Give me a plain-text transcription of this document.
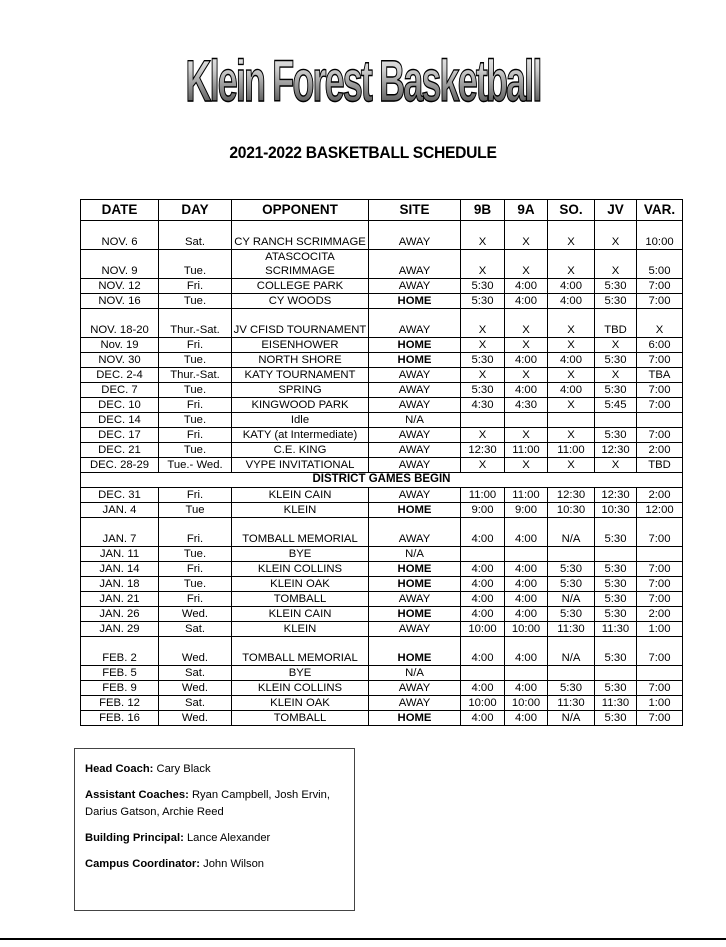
Klein Forest Basketball
2021-2022 BASKETBALL SCHEDULE
DATE	DAY	OPPONENT	SITE	9B	9A	SO.	JV	VAR.
NOV. 6	Sat.	CY RANCH SCRIMMAGE	AWAY	X	X	X	X	10:00
NOV. 9	Tue.	ATASCOCITA SCRIMMAGE	AWAY	X	X	X	X	5:00
NOV. 12	Fri.	COLLEGE PARK	AWAY	5:30	4:00	4:00	5:30	7:00
NOV. 16	Tue.	CY WOODS	HOME	5:30	4:00	4:00	5:30	7:00
NOV. 18-20	Thur.-Sat.	JV CFISD TOURNAMENT	AWAY	X	X	X	TBD	X
Nov. 19	Fri.	EISENHOWER	HOME	X	X	X	X	6:00
NOV. 30	Tue.	NORTH SHORE	HOME	5:30	4:00	4:00	5:30	7:00
DEC. 2-4	Thur.-Sat.	KATY TOURNAMENT	AWAY	X	X	X	X	TBA
DEC. 7	Tue.	SPRING	AWAY	5:30	4:00	4:00	5:30	7:00
DEC. 10	Fri.	KINGWOOD PARK	AWAY	4:30	4:30	X	5:45	7:00
DEC. 14	Tue.	Idle	N/A					
DEC. 17	Fri.	KATY (at Intermediate)	AWAY	X	X	X	5:30	7:00
DEC. 21	Tue.	C.E. KING	AWAY	12:30	11:00	11:00	12:30	2:00
DEC. 28-29	Tue.- Wed.	VYPE INVITATIONAL	AWAY	X	X	X	X	TBD
DISTRICT GAMES BEGIN								
DEC. 31	Fri.	KLEIN CAIN	AWAY	11:00	11:00	12:30	12:30	2:00
JAN. 4	Tue	KLEIN	HOME	9:00	9:00	10:30	10:30	12:00
JAN. 7	Fri.	TOMBALL MEMORIAL	AWAY	4:00	4:00	N/A	5:30	7:00
JAN. 11	Tue.	BYE	N/A					
JAN. 14	Fri.	KLEIN COLLINS	HOME	4:00	4:00	5:30	5:30	7:00
JAN. 18	Tue.	KLEIN OAK	HOME	4:00	4:00	5:30	5:30	7:00
JAN. 21	Fri.	TOMBALL	AWAY	4:00	4:00	N/A	5:30	7:00
JAN. 26	Wed.	KLEIN CAIN	HOME	4:00	4:00	5:30	5:30	2:00
JAN. 29	Sat.	KLEIN	AWAY	10:00	10:00	11:30	11:30	1:00
FEB. 2	Wed.	TOMBALL MEMORIAL	HOME	4:00	4:00	N/A	5:30	7:00
FEB. 5	Sat.	BYE	N/A					
FEB. 9	Wed.	KLEIN COLLINS	AWAY	4:00	4:00	5:30	5:30	7:00
FEB. 12	Sat.	KLEIN OAK	AWAY	10:00	10:00	11:30	11:30	1:00
FEB. 16	Wed.	TOMBALL	HOME	4:00	4:00	N/A	5:30	7:00

Head Coach: Cary Black

Assistant Coaches: Ryan Campbell, Josh Ervin, Darius Gatson, Archie Reed

Building Principal: Lance Alexander

Campus Coordinator: John Wilson
